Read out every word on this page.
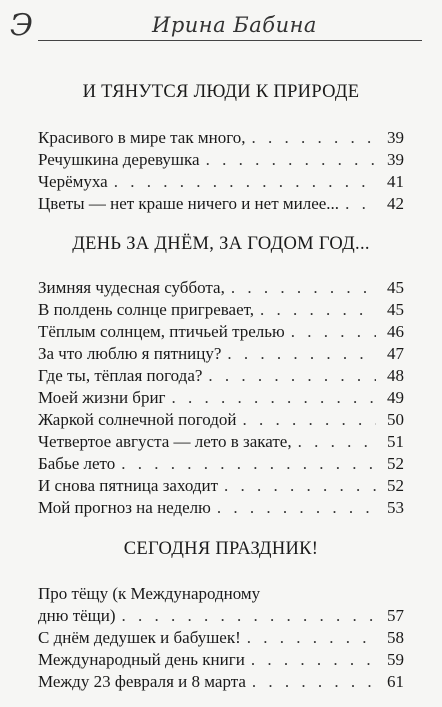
Э	Ирина Бабина
И ТЯНУТСЯ ЛЮДИ К ПРИРОДЕ
Красивого в мире так много, . . .	39
Речушкина деревушка . . .	39
Черёмуха . . .	41
Цветы — нет краше ничего и нет милее... . . .	42
ДЕНЬ ЗА ДНЁМ, ЗА ГОДОМ ГОД...
Зимняя чудесная суббота, . . .	45
В полдень солнце пригревает, . . .	45
Тёплым солнцем, птичьей трелью . . .	46
За что люблю я пятницу? . . .	47
Где ты, тёплая погода? . . .	48
Моей жизни бриг . . .	49
Жаркой солнечной погодой . . .	50
Четвертое августа — лето в закате, . . .	51
Бабье лето . . .	52
И снова пятница заходит . . .	52
Мой прогноз на неделю . . .	53
СЕГОДНЯ ПРАЗДНИК!
Про тёщу (к Международному
дню тёщи) . . .	57
С днём дедушек и бабушек! . . .	58
Международный день книги . . .	59
Между 23 февраля и 8 марта . . .	61
